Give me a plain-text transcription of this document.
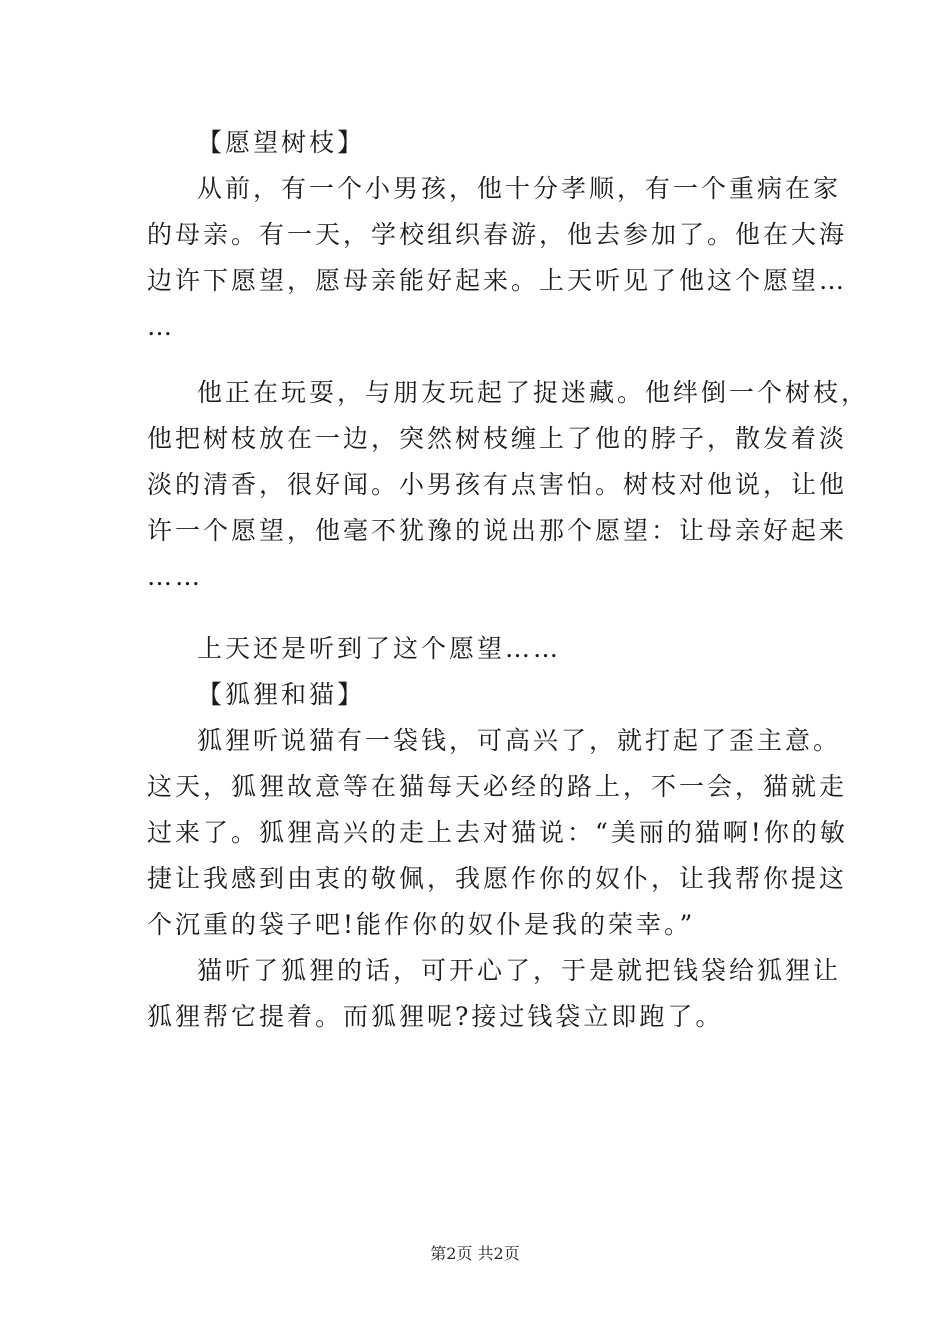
【愿望树枝】
从前，有一个小男孩，他十分孝顺，有一个重病在家
的母亲。有一天，学校组织春游，他去参加了。他在大海
边许下愿望，愿母亲能好起来。上天听见了他这个愿望…
…
他正在玩耍，与朋友玩起了捉迷藏。他绊倒一个树枝，
他把树枝放在一边，突然树枝缠上了他的脖子，散发着淡
淡的清香，很好闻。小男孩有点害怕。树枝对他说，让他
许一个愿望，他毫不犹豫的说出那个愿望：让母亲好起来
……
上天还是听到了这个愿望……
【狐狸和猫】
狐狸听说猫有一袋钱，可高兴了，就打起了歪主意。
这天，狐狸故意等在猫每天必经的路上，不一会，猫就走
过来了。狐狸高兴的走上去对猫说：“美丽的猫啊!你的敏
捷让我感到由衷的敬佩，我愿作你的奴仆，让我帮你提这
个沉重的袋子吧!能作你的奴仆是我的荣幸。”
猫听了狐狸的话，可开心了，于是就把钱袋给狐狸让
狐狸帮它提着。而狐狸呢?接过钱袋立即跑了。
第2页 共2页
